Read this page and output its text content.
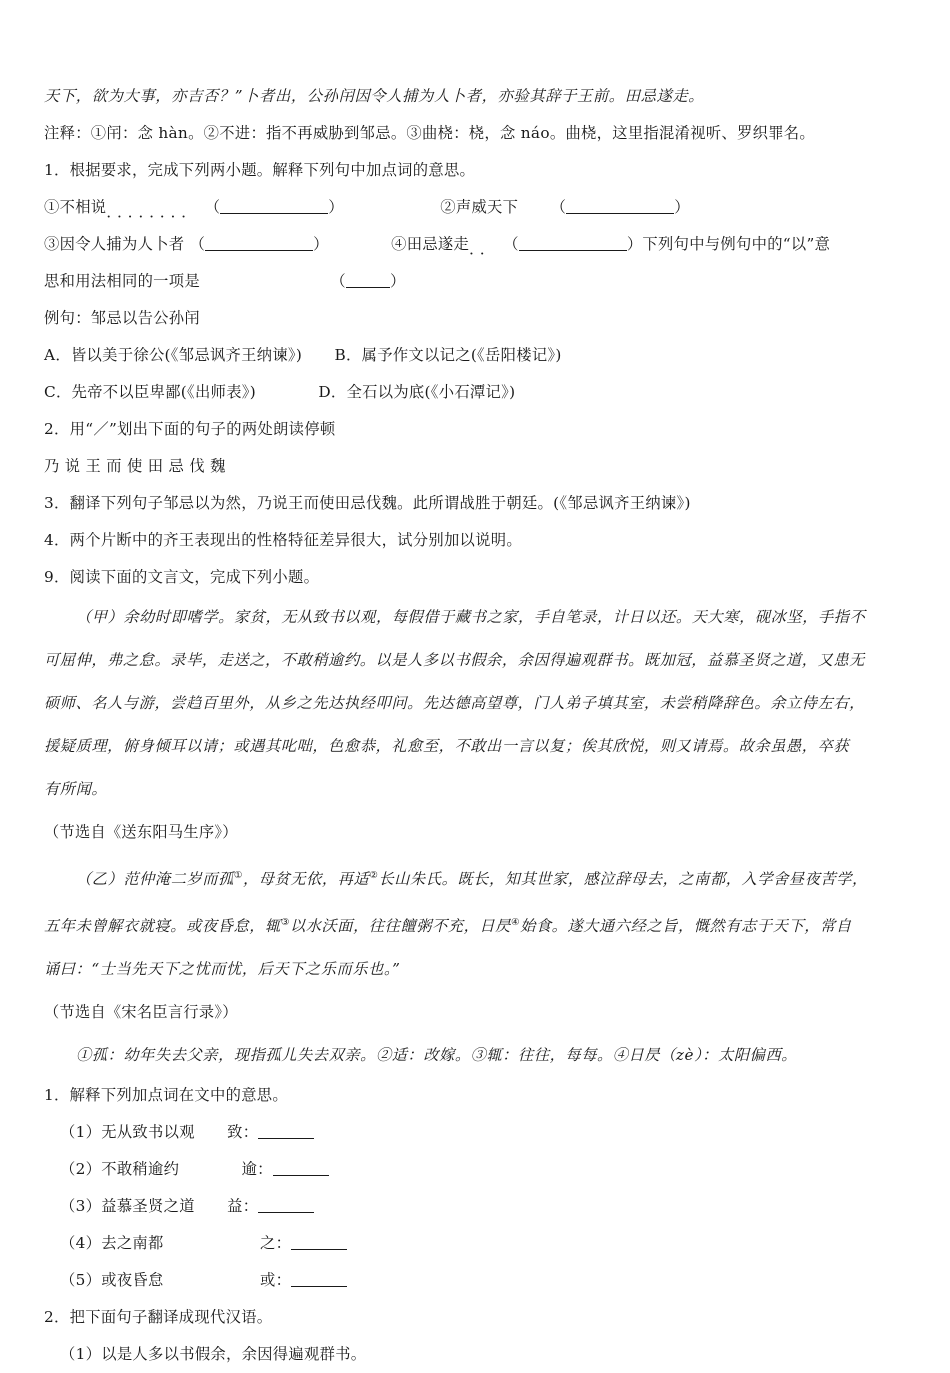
天下，欲为大事，亦吉否？”卜者出，公孙闬因令人捕为人卜者，亦验其辞于王前。田忌遂走。
注释：①闬：念 hàn。②不进：指不再威胁到邹忌。③曲桡：桡，念 náo。曲桡，这里指混淆视听、罗织罪名。
1．根据要求，完成下列两小题。解释下列句中加点词的意思。
①不相说．．．．．．．． （	）	②声威天下 （	）
③因令人捕为人卜者 （	）	④田忌遂走．． （	）下列句中与例句中的“以”意
思和用法相同的一项是	（	）
例句：邹忌以告公孙闬
A．皆以美于徐公(《邹忌讽齐王纳谏》) B．属予作文以记之(《岳阳楼记》)
C．先帝不以臣卑鄙(《出师表》)	D．全石以为底(《小石潭记》)
2．用“／”划出下面的句子的两处朗读停顿
乃 说 王 而 使 田 忌 伐 魏
3．翻译下列句子邹忌以为然，乃说王而使田忌伐魏。此所谓战胜于朝廷。(《邹忌讽齐王纳谏》)
4．两个片断中的齐王表现出的性格特征差异很大，试分别加以说明。
9．阅读下面的文言文，完成下列小题。
（甲）余幼时即嗜学。家贫，无从致书以观，每假借于藏书之家，手自笔录，计日以还。天大寒，砚冰坚，手指不
可屈伸，弗之怠。录毕，走送之，不敢稍逾约。以是人多以书假余，余因得遍观群书。既加冠，益慕圣贤之道，又患无
硕师、名人与游，尝趋百里外，从乡之先达执经叩问。先达德高望尊，门人弟子填其室，未尝稍降辞色。余立侍左右，
援疑质理，俯身倾耳以请；或遇其叱咄，色愈恭，礼愈至，不敢出一言以复；俟其欣悦，则又请焉。故余虽愚，卒获
有所闻。
（节选自《送东阳马生序》）
（乙）范仲淹二岁而孤①，母贫无依，再适②长山朱氏。既长，知其世家，感泣辞母去，之南都，入学舍昼夜苦学，
五年未曾解衣就寝。或夜昏怠，辄③以水沃面，往往饘粥不充，日昃④始食。遂大通六经之旨，慨然有志于天下，常自
诵曰：“士当先天下之忧而忧，后天下之乐而乐也。”
（节选自《宋名臣言行录》）
①孤：幼年失去父亲，现指孤儿失去双亲。②适：改嫁。③辄：往往，每每。④日昃（zè）：太阳偏西。
1．解释下列加点词在文中的意思。
（1）无从致书以观 致：
（2）不敢稍逾约	逾：
（3）益慕圣贤之道 益：
（4）去之南都	之：
（5）或夜昏怠	或：
2．把下面句子翻译成现代汉语。
（1）以是人多以书假余，余因得遍观群书。
